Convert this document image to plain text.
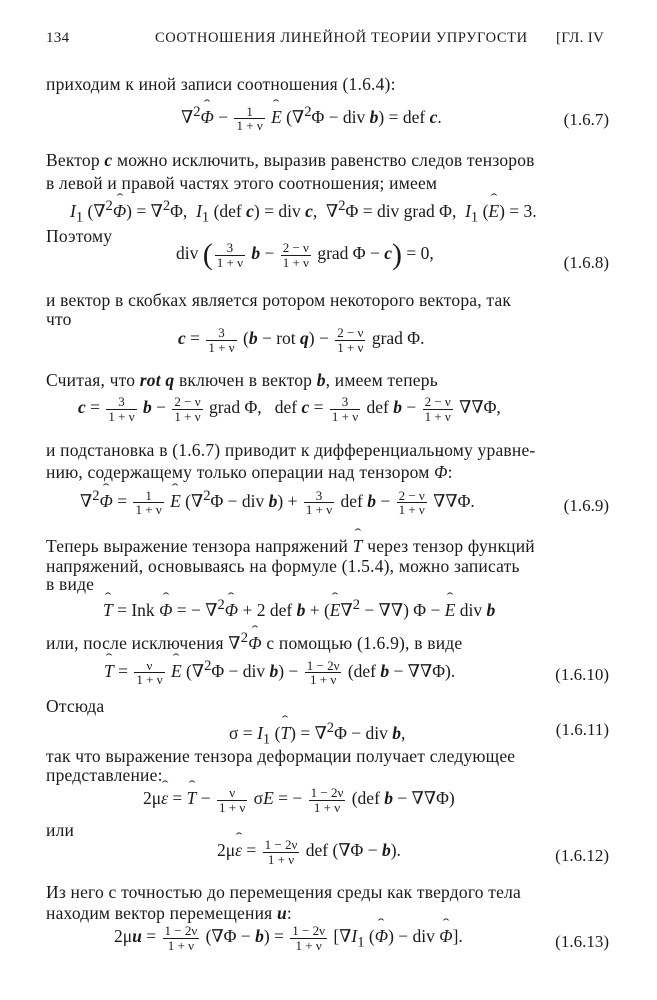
134	СООТНОШЕНИЯ ЛИНЕЙНОЙ ТЕОРИИ УПРУГОСТИ [ГЛ. IV
приходим к иной записи соотношения (1.6.4):
∇$^2$ˆ $\Phi - \frac{1}{1 + \nu}$ ˆ E (∇$^2$Φ − div b) = def c.	(1.6.7)
Вектор c можно исключить, выразив равенство следов тензоров
в левой и правой частях этого соотношения; имеем
$I_1$ (∇$^2$ˆ Φ) = ∇$^2$Φ,  $I_1$ (def c) = div c,  ∇$^2$Φ = div grad Φ,  $I_1$ (ˆ E) = 3.
Поэтому
div ( $\frac{3}{1 + \nu}$ $b - \frac{2 - \nu}{1 + \nu}$ grad Φ − c) = 0,	(1.6.8)
и вектор в скобках является ротором некоторого вектора, так
что
$c = \frac{3}{1 + \nu} (b$ − rot $q) - \frac{2 - \nu}{1 + \nu}$ grad Φ.
Считая, что rot q включен в вектор b, имеем теперь
$c = \frac{3}{1 + \nu}$ $b - \frac{2 - \nu}{1 + \nu}$ grad Φ,   def $c = \frac{3}{1 + \nu}$ def $b - \frac{2 - \nu}{1 + \nu} \nabla\nabla\Phi$,
и подстановка в (1.6.7) приводит к дифференциальному уравне-
нию, содержащему только операции над тензором ˆ Φ:
∇$^2$ˆ $\Phi = \frac{1}{1 + \nu}$ ˆ E (∇$^2$Φ − div $b) + \frac{3}{1 + \nu}$ def $b - \frac{2 - \nu}{1 + \nu} \nabla\nabla\Phi$.	(1.6.9)
Теперь выражение тензора напряжений ˆ T через тензор функций
напряжений, основываясь на формуле (1.5.4), можно записать
в виде
ˆ T = Ink ˆ Φ = − ∇$^2$ˆ Φ + 2 def b + (ˆ E∇$^2$ − ∇∇) Φ − ˆ E div b
или, после исключения ∇$^2$ˆ Φ с помощью (1.6.9), в виде
ˆ $T = \frac{\nu}{1 + \nu}$ ˆ E (∇$^2$Φ − div $b) - \frac{1 - 2\nu}{1 + \nu} (def$ b − ∇∇Φ).	(1.6.10)
Отсюда
$\sigma = I_1$ (ˆ T) = ∇$^2$Φ − div b,	(1.6.11)
так что выражение тензора деформации получает следующее
представление:
2μˆ ε = ˆ $T - \frac{\nu}{1 + \nu}$ σE = − $\frac{1 - 2\nu}{1 + \nu} (def$ b − ∇∇Φ)
или
2μˆ $\varepsilon = \frac{1 - 2\nu}{1 + \nu}$ def (∇Φ − b).	(1.6.12)
Из него с точностью до перемещения среды как твердого тела
находим вектор перемещения u:
$2\mu u = \frac{1 - 2\nu}{1 + \nu} (\nabla\Phi - b) = \frac{1 - 2\nu}{1 + \nu} [\nabla I_1$ (ˆ Φ) − div ˆ Φ].	(1.6.13)
